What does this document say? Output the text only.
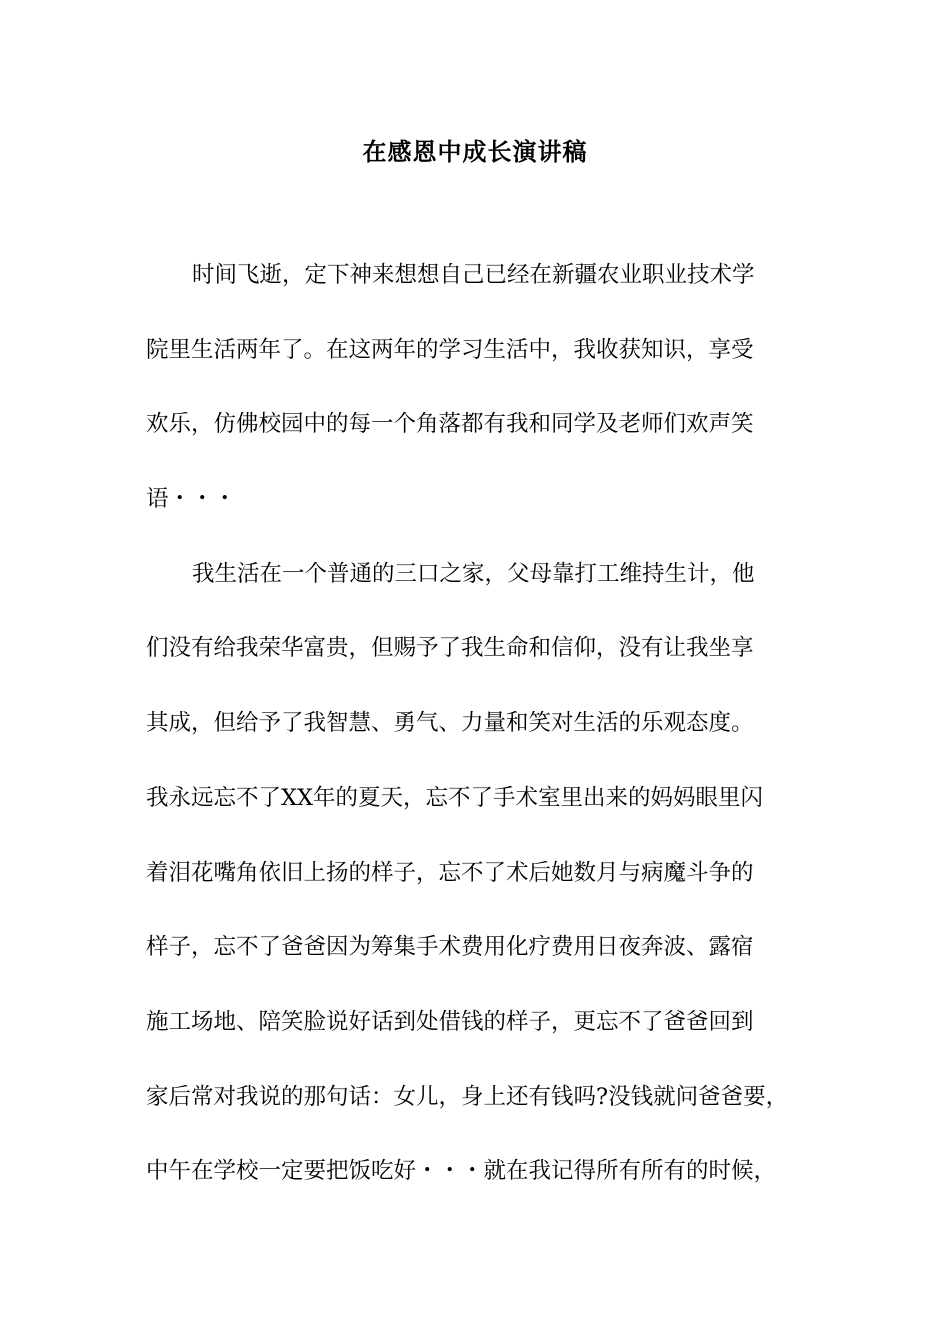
在感恩中成长演讲稿
时间飞逝，定下神来想想自己已经在新疆农业职业技术学
院里生活两年了。在这两年的学习生活中，我收获知识，享受
欢乐，仿佛校园中的每一个角落都有我和同学及老师们欢声笑
语・・・
我生活在一个普通的三口之家，父母靠打工维持生计，他
们没有给我荣华富贵，但赐予了我生命和信仰，没有让我坐享
其成，但给予了我智慧、勇气、力量和笑对生活的乐观态度。
我永远忘不了XX年的夏天，忘不了手术室里出来的妈妈眼里闪
着泪花嘴角依旧上扬的样子，忘不了术后她数月与病魔斗争的
样子，忘不了爸爸因为筹集手术费用化疗费用日夜奔波、露宿
施工场地、陪笑脸说好话到处借钱的样子，更忘不了爸爸回到
家后常对我说的那句话：女儿，身上还有钱吗?没钱就问爸爸要，
中午在学校一定要把饭吃好・・・就在我记得所有所有的时候，
